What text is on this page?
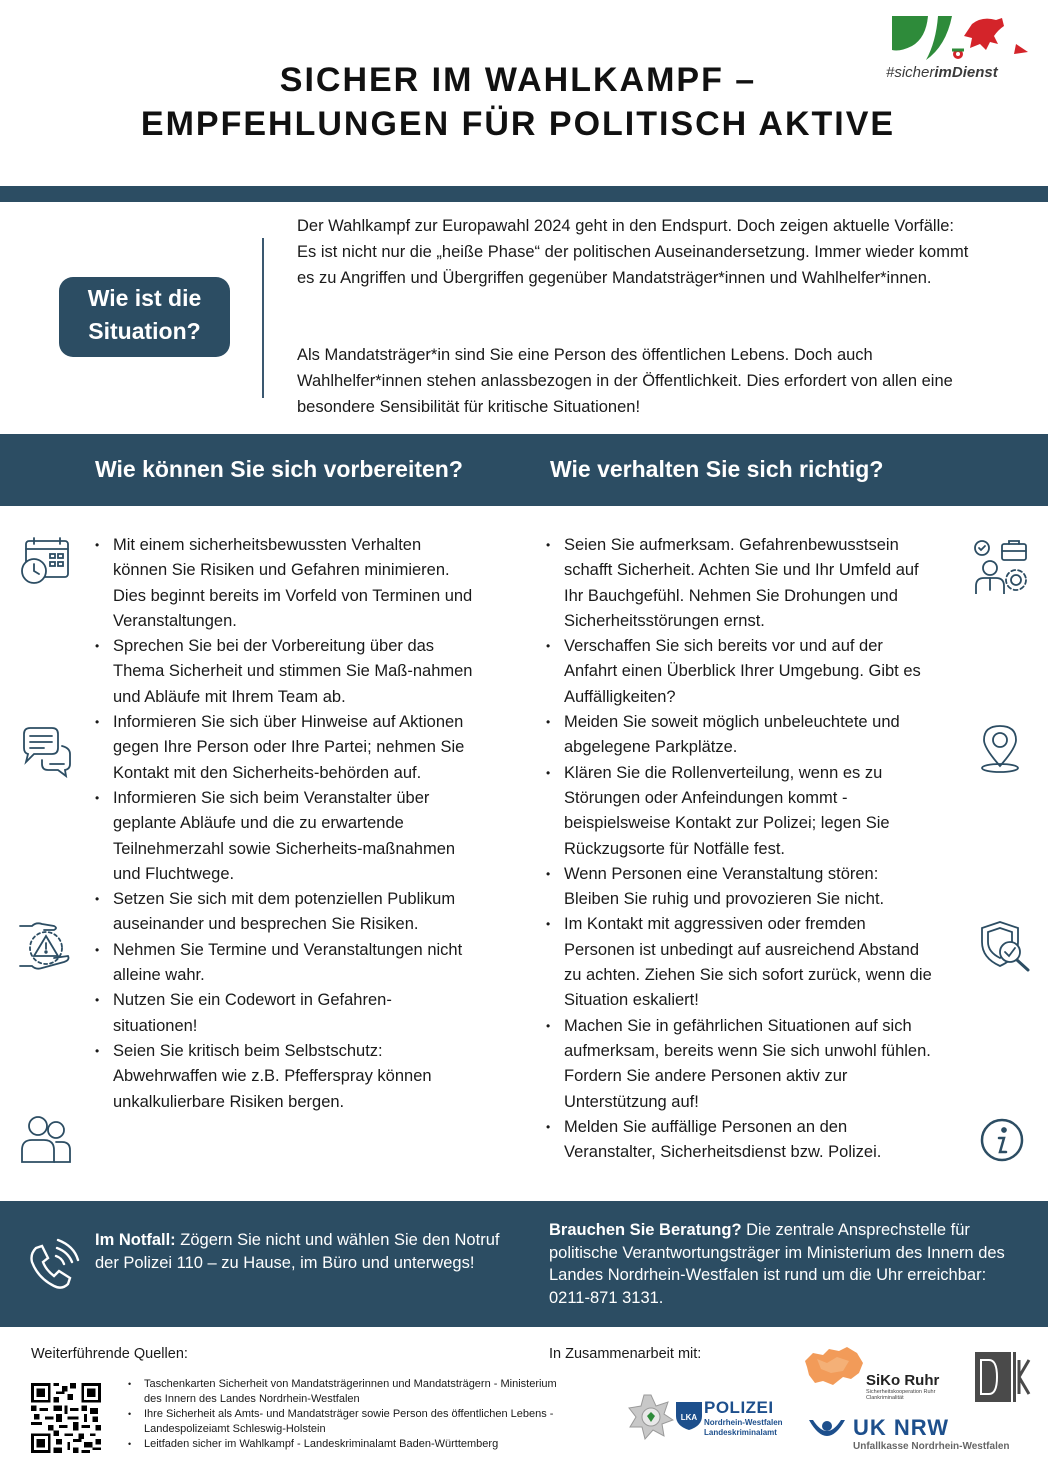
SICHER IM WAHLKAMPF –
EMPFEHLUNGEN FÜR POLITISCH AKTIVE
#sicherimDienst
Wie ist die
Situation?

Der Wahlkampf zur Europawahl 2024 geht in den Endspurt. Doch zeigen aktuelle Vorfälle: Es ist nicht nur die „heiße Phase“ der politischen Auseinandersetzung. Immer wieder kommt es zu Angriffen und Übergriffen gegenüber Mandatsträger*innen und Wahlhelfer*innen.

Als Mandatsträger*in sind Sie eine Person des öffentlichen Lebens. Doch auch Wahlhelfer*innen stehen anlassbezogen in der Öffentlichkeit. Dies erfordert von allen eine besondere Sensibilität für kritische Situationen!

Wie können Sie sich vorbereiten?	Wie verhalten Sie sich richtig?
• Mit einem sicherheitsbewussten Verhalten können Sie Risiken und Gefahren minimieren. Dies beginnt bereits im Vorfeld von Terminen und Veranstaltungen.
• Sprechen Sie bei der Vorbereitung über das Thema Sicherheit und stimmen Sie Maß-nahmen und Abläufe mit Ihrem Team ab.
• Informieren Sie sich über Hinweise auf Aktionen gegen Ihre Person oder Ihre Partei; nehmen Sie Kontakt mit den Sicherheits-behörden auf.
• Informieren Sie sich beim Veranstalter über geplante Abläufe und die zu erwartende Teilnehmerzahl sowie Sicherheits-maßnahmen und Fluchtwege.
• Setzen Sie sich mit dem potenziellen Publikum auseinander und besprechen Sie Risiken.
• Nehmen Sie Termine und Veranstaltungen nicht alleine wahr.
• Nutzen Sie ein Codewort in Gefahren-situationen!
• Seien Sie kritisch beim Selbstschutz: Abwehrwaffen wie z.B. Pfefferspray können unkalkulierbare Risiken bergen.
• Seien Sie aufmerksam. Gefahrenbewusstsein schafft Sicherheit. Achten Sie und Ihr Umfeld auf Ihr Bauchgefühl. Nehmen Sie Drohungen und Sicherheitsstörungen ernst.
• Verschaffen Sie sich bereits vor und auf der Anfahrt einen Überblick Ihrer Umgebung. Gibt es Auffälligkeiten?
• Meiden Sie soweit möglich unbeleuchtete und abgelegene Parkplätze.
• Klären Sie die Rollenverteilung, wenn es zu Störungen oder Anfeindungen kommt - beispielsweise Kontakt zur Polizei; legen Sie Rückzugsorte für Notfälle fest.
• Wenn Personen eine Veranstaltung stören: Bleiben Sie ruhig und provozieren Sie nicht.
• Im Kontakt mit aggressiven oder fremden Personen ist unbedingt auf ausreichend Abstand zu achten. Ziehen Sie sich sofort zurück, wenn die Situation eskaliert!
• Machen Sie in gefährlichen Situationen auf sich aufmerksam, bereits wenn Sie sich unwohl fühlen. Fordern Sie andere Personen aktiv zur Unterstützung auf!
• Melden Sie auffällige Personen an den Veranstalter, Sicherheitsdienst bzw. Polizei.
Im Notfall: Zögern Sie nicht und wählen Sie den Notruf der Polizei 110 – zu Hause, im Büro und unterwegs!
Brauchen Sie Beratung? Die zentrale Ansprechstelle für politische Verantwortungsträger im Ministerium des Innern des Landes Nordrhein-Westfalen ist rund um die Uhr erreichbar: 0211-871 3131.
Weiterführende Quellen:	In Zusammenarbeit mit:
• Taschenkarten Sicherheit von Mandatsträgerinnen und Mandatsträgern - Ministerium des Innern des Landes Nordrhein-Westfalen
• Ihre Sicherheit als Amts- und Mandatsträger sowie Person des öffentlichen Lebens - Landespolizeiamt Schleswig-Holstein
• Leitfaden sicher im Wahlkampf - Landeskriminalamt Baden-Württemberg
LKA
POLIZEI
Nordrhein-Westfalen
Landeskriminalamt
SiKo Ruhr
Sicherheitskooperation Ruhr
Clankriminalität
UK NRW
Unfallkasse Nordrhein-Westfalen
